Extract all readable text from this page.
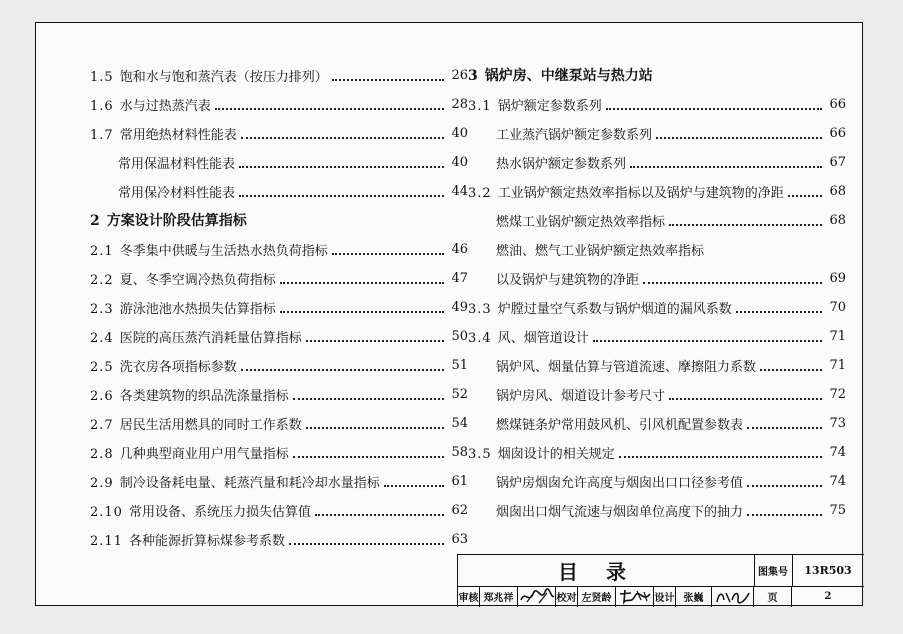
1.5 饱和水与饱和蒸汽表（按压力排列）	26
1.6 水与过热蒸汽表	28
1.7 常用绝热材料性能表	40
常用保温材料性能表	40
常用保冷材料性能表	44
2 方案设计阶段估算指标
2.1 冬季集中供暖与生活热水热负荷指标	46
2.2 夏、冬季空调冷热负荷指标	47
2.3 游泳池池水热损失估算指标	49
2.4 医院的高压蒸汽消耗量估算指标	50
2.5 洗衣房各项指标参数	51
2.6 各类建筑物的织品洗涤量指标	52
2.7 居民生活用燃具的同时工作系数	54
2.8 几种典型商业用户用气量指标	58
2.9 制冷设备耗电量、耗蒸汽量和耗冷却水量指标	61
2.10 常用设备、系统压力损失估算值	62
2.11 各种能源折算标煤参考系数	63
3 锅炉房、中继泵站与热力站
3.1 锅炉额定参数系列	66
工业蒸汽锅炉额定参数系列	66
热水锅炉额定参数系列	67
3.2 工业锅炉额定热效率指标以及锅炉与建筑物的净距	68
燃煤工业锅炉额定热效率指标	68
燃油、燃气工业锅炉额定热效率指标
以及锅炉与建筑物的净距	69
3.3 炉膛过量空气系数与锅炉烟道的漏风系数	70
3.4 风、烟管道设计	71
锅炉风、烟量估算与管道流速、摩擦阻力系数	71
锅炉房风、烟道设计参考尺寸	72
燃煤链条炉常用鼓风机、引风机配置参数表	73
3.5 烟囱设计的相关规定	74
锅炉房烟囱允许高度与烟囱出口口径参考值	74
烟囱出口烟气流速与烟囱单位高度下的抽力	75
目录	图集号	13R503
审核 郑兆祥	校对 左贤龄	设计 张巍	页	2
